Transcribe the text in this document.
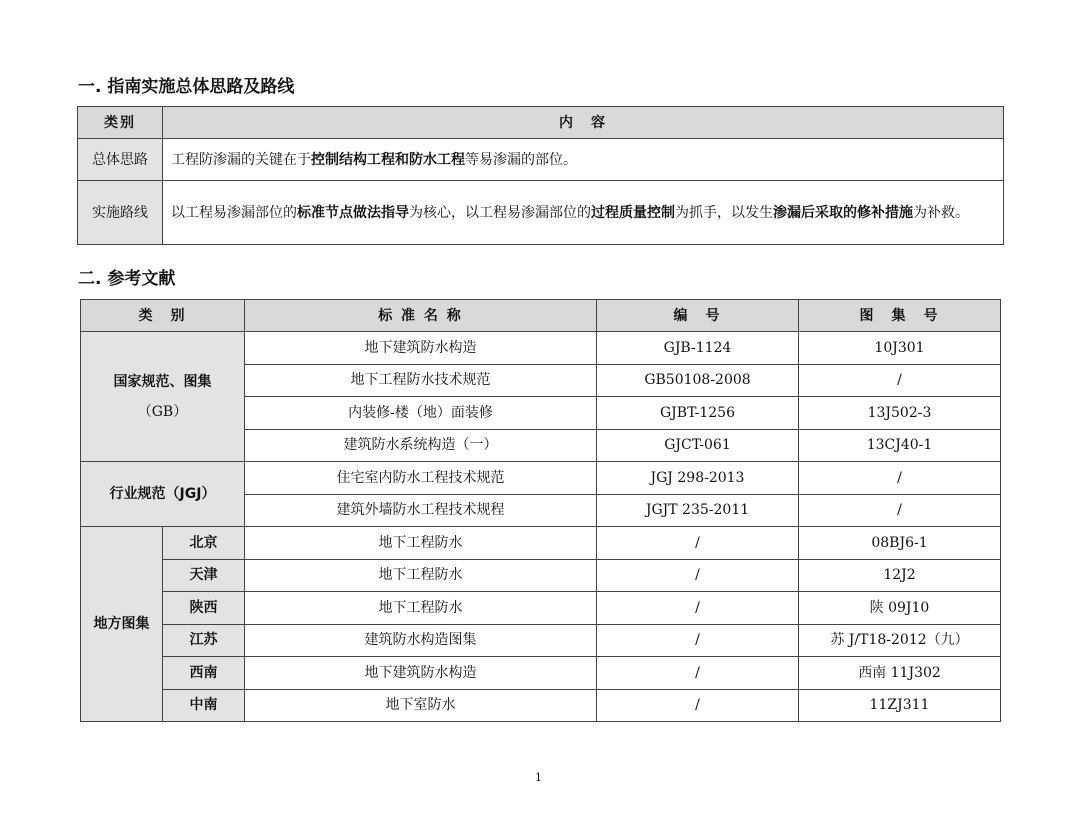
一. 指南实施总体思路及路线
类别	内　容
总体思路	工程防渗漏的关键在于控制结构工程和防水工程等易渗漏的部位。
实施路线	以工程易渗漏部位的标准节点做法指导为核心，以工程易渗漏部位的过程质量控制为抓手，以发生渗漏后采取的修补措施为补救。
二. 参考文献
类　别		标 准 名 称	编　号	图　集　号

国家规范、图集
（GB）		地下建筑防水构造	GJB-1124	10J301
		地下工程防水技术规范	GB50108-2008	/
		内装修-楼（地）面装修	GJBT-1256	13J502-3
		建筑防水系统构造（一）	GJCT-061	13CJ40-1
行业规范（JGJ）		住宅室内防水工程技术规范	JGJ 298-2013	/
		建筑外墙防水工程技术规程	JGJT 235-2011	/
地方图集	北京	地下工程防水	/	08BJ6-1
	天津	地下工程防水	/	12J2
	陕西	地下工程防水	/	陕 09J10
	江苏	建筑防水构造图集	/	苏 J/T18-2012（九）
	西南	地下建筑防水构造	/	西南 11J302
	中南	地下室防水	/	11ZJ311
1
